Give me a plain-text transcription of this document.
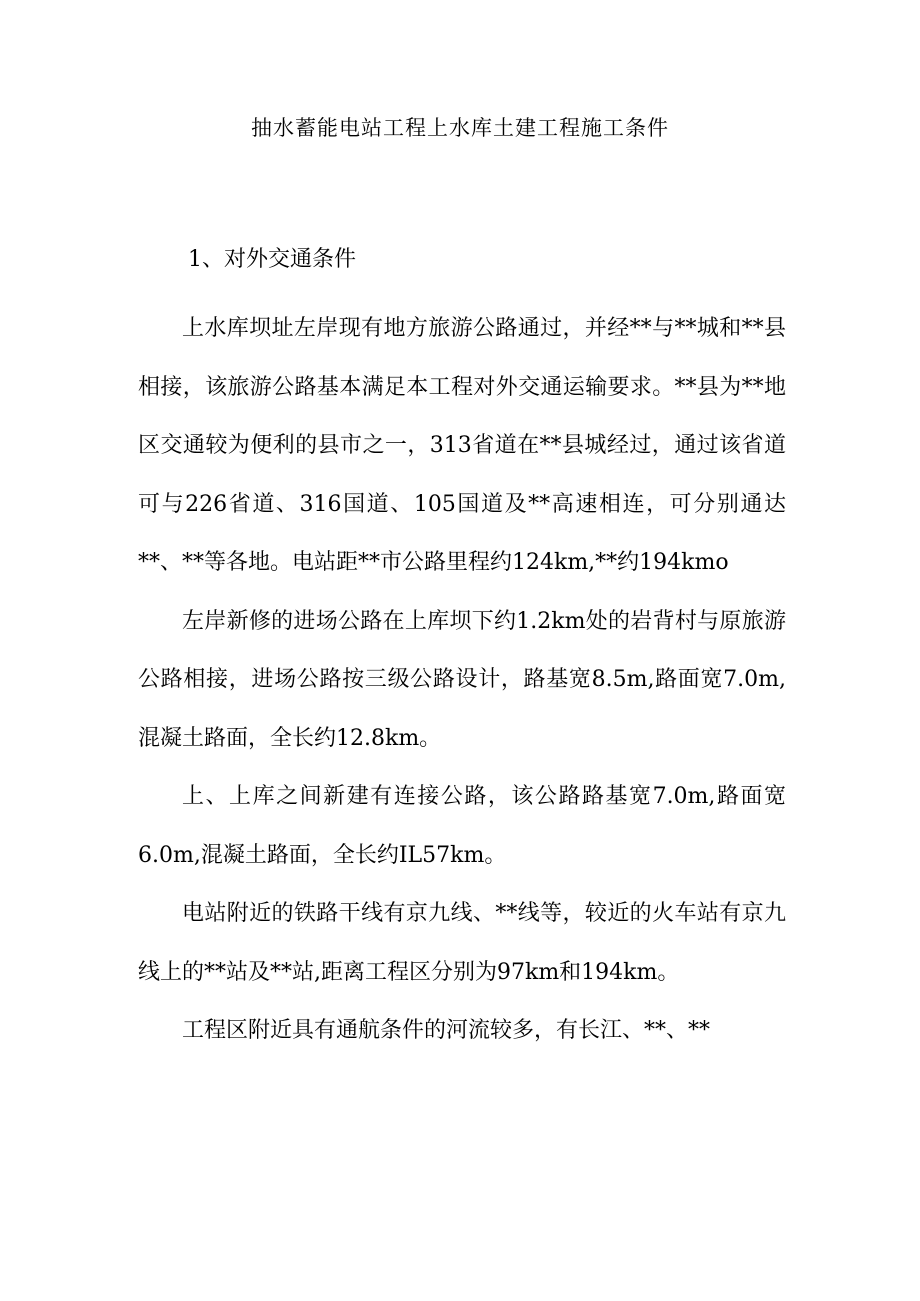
抽水蓄能电站工程上水库土建工程施工条件
1、对外交通条件

上水库坝址左岸现有地方旅游公路通过，并经**与**城和**县相接，该旅游公路基本满足本工程对外交通运输要求。**县为**地区交通较为便利的县市之一，313省道在**县城经过，通过该省道可与226省道、316国道、105国道及**高速相连，可分别通达**、**等各地。电站距**市公路里程约124km,**约194kmo

左岸新修的进场公路在上库坝下约1.2km处的岩背村与原旅游公路相接，进场公路按三级公路设计，路基宽8.5m,路面宽7.0m,混凝土路面，全长约12.8km。

上、上库之间新建有连接公路，该公路路基宽7.0m,路面宽6.0m,混凝土路面，全长约IL57km。

电站附近的铁路干线有京九线、**线等，较近的火车站有京九线上的**站及**站,距离工程区分别为97km和194km。

工程区附近具有通航条件的河流较多，有长江、**、**
